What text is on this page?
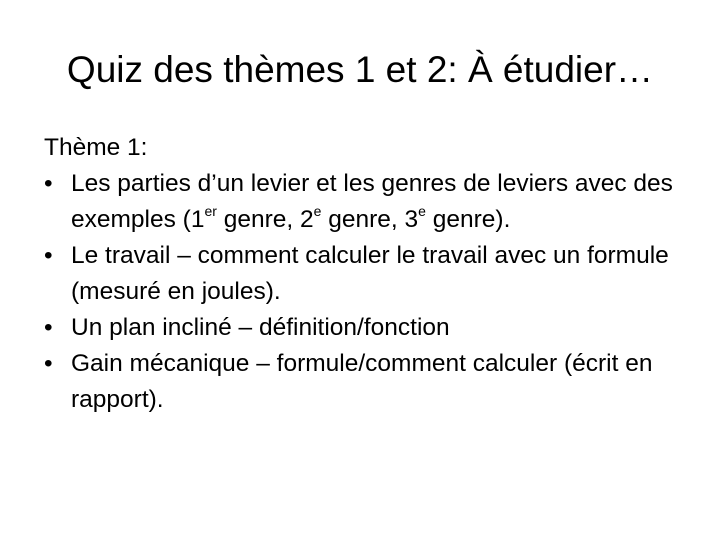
Quiz des thèmes 1 et 2: À étudier…
Thème 1:
• Les parties d’un levier et les genres de leviers avec des exemples (1er genre, 2e genre, 3e genre).
• Le travail – comment calculer le travail avec un formule (mesuré en joules).
• Un plan incliné – définition/fonction
• Gain mécanique – formule/comment calculer (écrit en rapport).
